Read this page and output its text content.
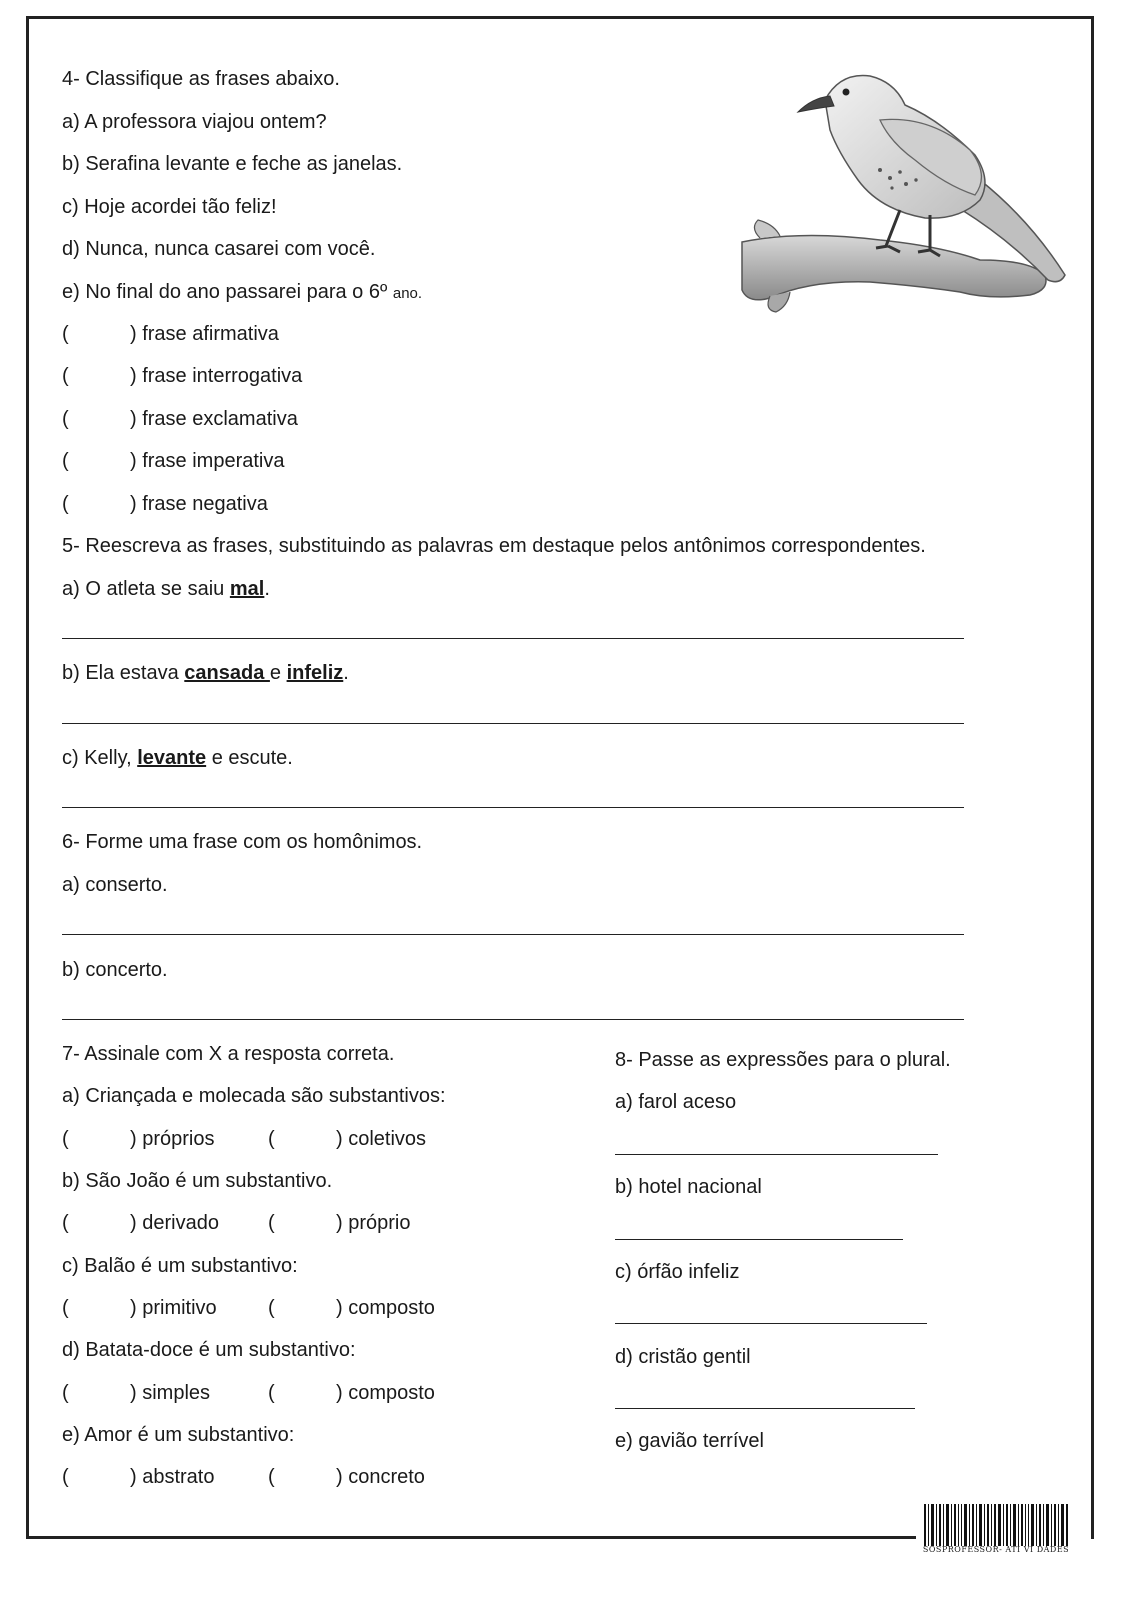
4- Classifique as frases abaixo.
a) A professora viajou ontem?
b) Serafina levante e feche as janelas.
c) Hoje acordei tão feliz!
d) Nunca, nunca casarei com você.
e) No final do ano passarei para o 6º ano.
(	) frase afirmativa
(	) frase interrogativa
(	) frase exclamativa
(	) frase imperativa
(	) frase negativa
5- Reescreva as frases, substituindo as palavras em destaque pelos antônimos correspondentes.
a) O atleta se saiu mal.
b) Ela estava cansada e infeliz.
c) Kelly, levante e escute.
6- Forme uma frase com os homônimos.
a) conserto.
b) concerto.
7- Assinale com X a resposta correta.
a) Criançada e molecada são substantivos:
(	) próprios	(	) coletivos
b) São João é um substantivo.
(	) derivado (	) próprio
c) Balão é um substantivo:
(	) primitivo	(	) composto
d) Batata-doce é um substantivo:
(	) simples	(	) composto
e) Amor é um substantivo:
(	) abstrato	(	) concreto
8- Passe as expressões para o plural.
a) farol aceso
b) hotel nacional
c) órfão infeliz
d) cristão gentil
e) gavião terrível
SOSPROFESSOR- ATI VI DADES
